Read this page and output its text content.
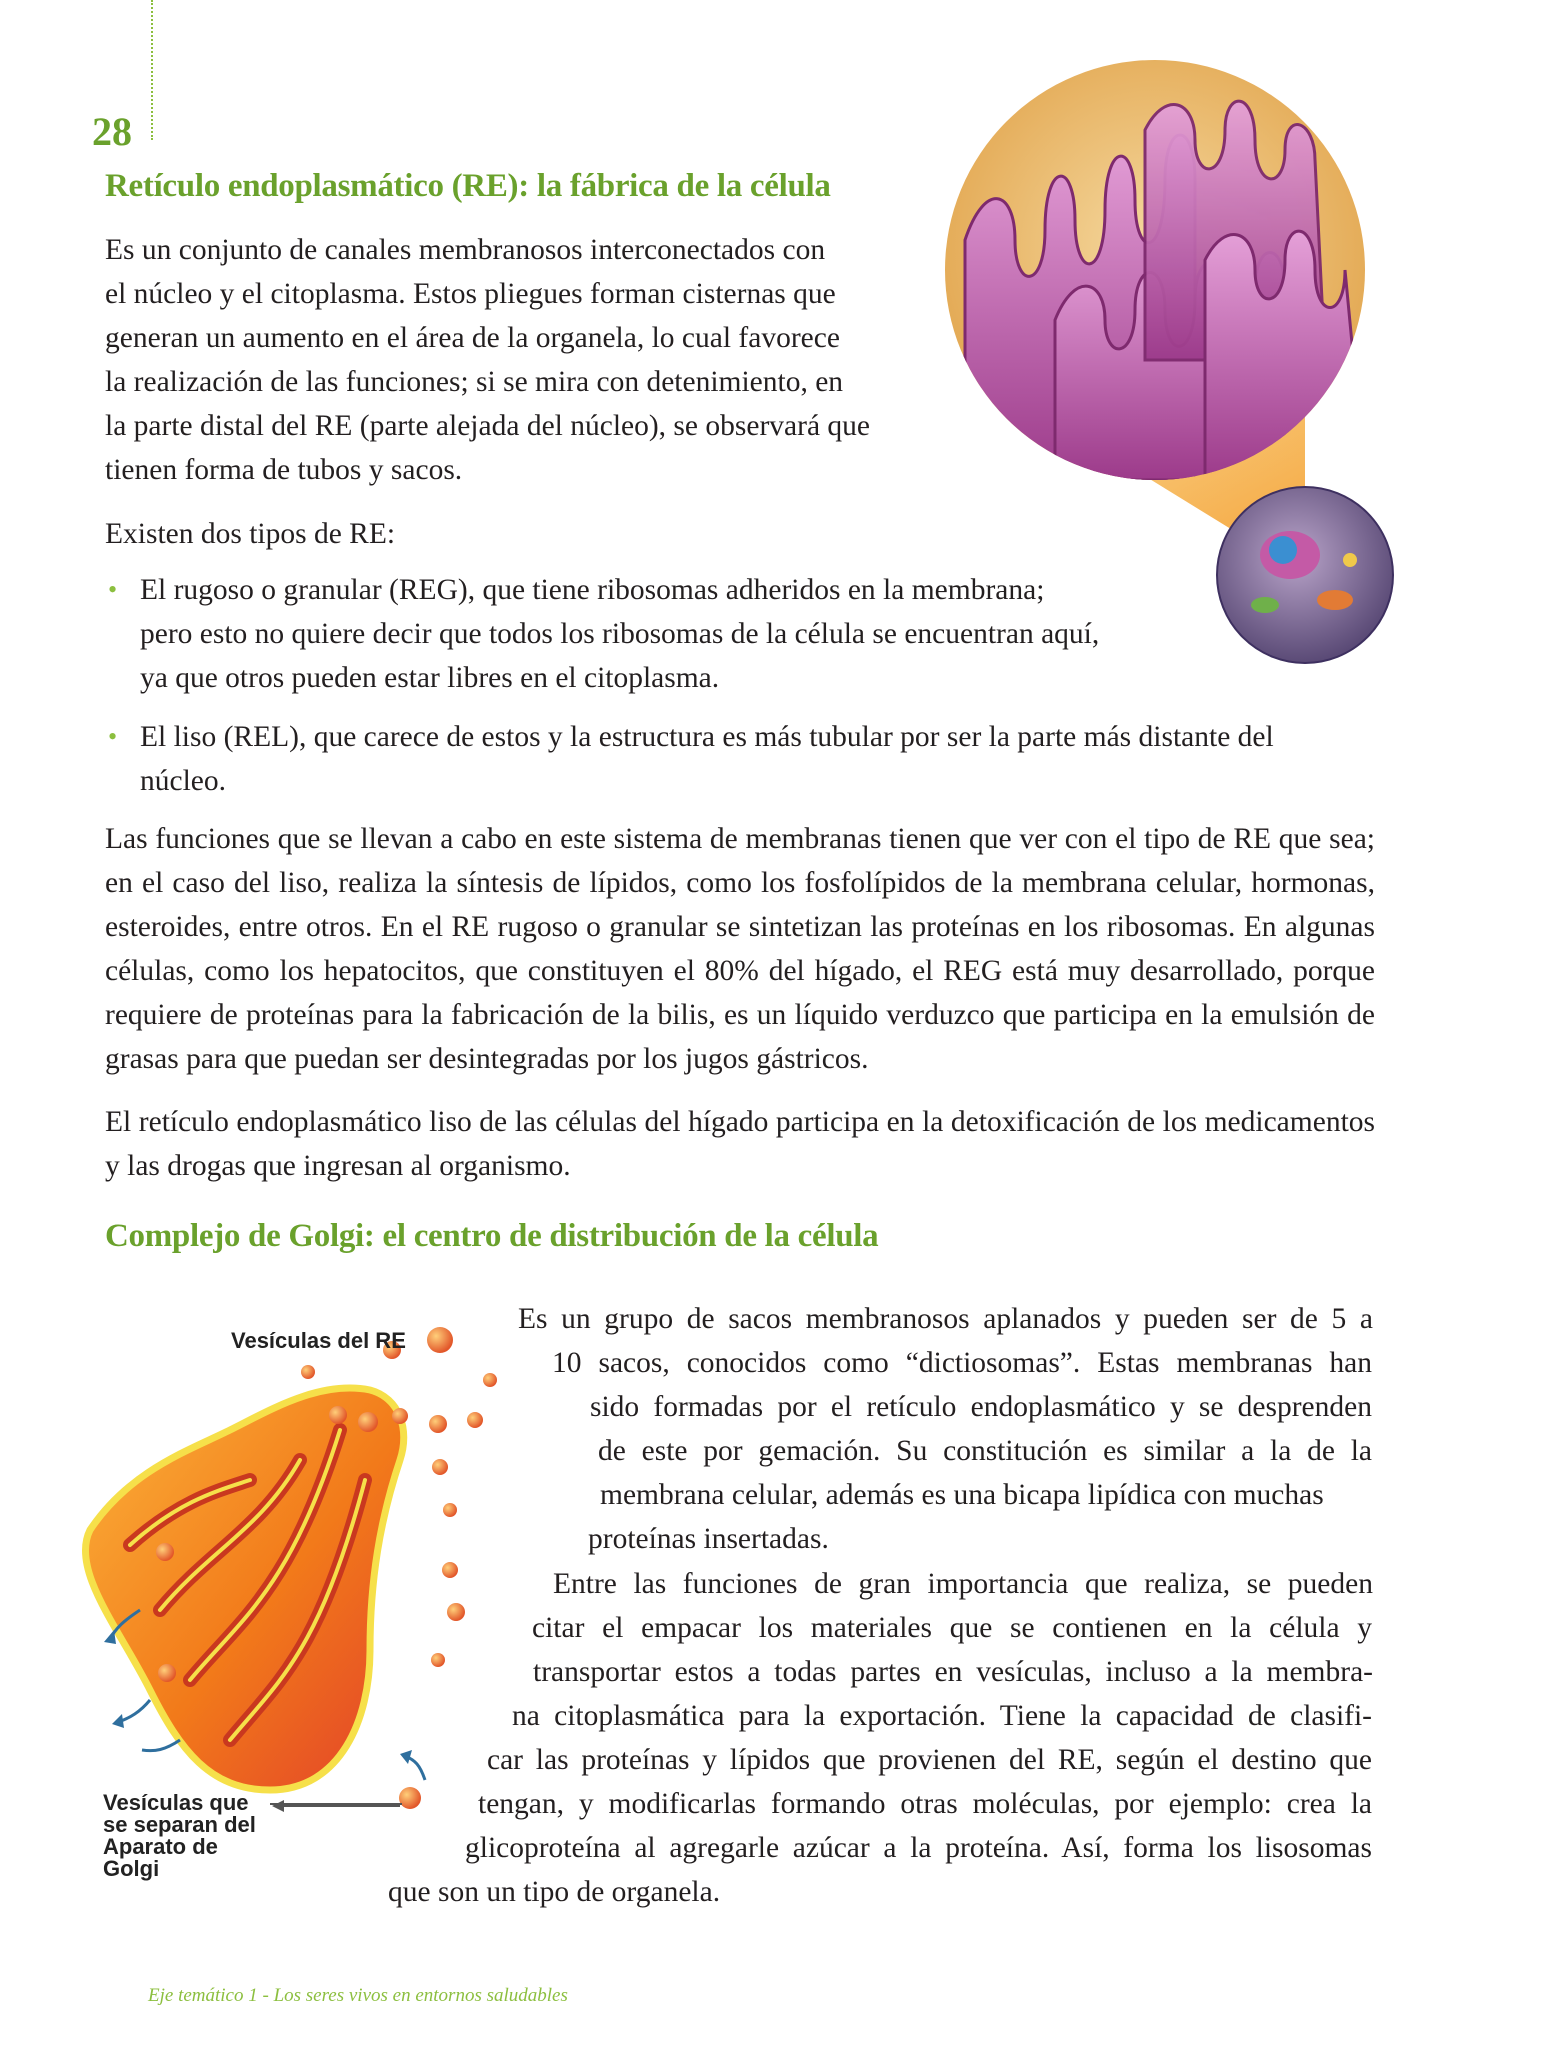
28
Retículo endoplasmático (RE): la fábrica de la célula
Es un conjunto de canales membranosos interconectados con
el núcleo y el citoplasma. Estos pliegues forman cisternas que
generan un aumento en el área de la organela, lo cual favorece
la realización de las funciones; si se mira con detenimiento, en
la parte distal del RE (parte alejada del núcleo), se observará que
tienen forma de tubos y sacos.
Existen dos tipos de RE:
• El rugoso o granular (REG), que tiene ribosomas adheridos en la membrana;
pero esto no quiere decir que todos los ribosomas de la célula se encuentran aquí,
ya que otros pueden estar libres en el citoplasma.
• El liso (REL), que carece de estos y la estructura es más tubular por ser la parte más distante del
núcleo.
Las funciones que se llevan a cabo en este sistema de membranas tienen que ver con el tipo de RE que sea; en el caso del liso, realiza la síntesis de lípidos, como los fosfolípidos de la membrana celular, hormonas, esteroides, entre otros. En el RE rugoso o granular se sintetizan las proteínas en los ribosomas. En algunas células, como los hepatocitos, que constituyen el 80% del hígado, el REG está muy desarrollado, porque requiere de proteínas para la fabricación de la bilis, es un líquido verduzco que participa en la emulsión de grasas para que puedan ser desintegradas por los jugos gástricos.
El retículo endoplasmático liso de las células del hígado participa en la detoxificación de los medicamentos y las drogas que ingresan al organismo.
Complejo de Golgi: el centro de distribución de la célula
Vesículas del RE
Vesículas que
se separan del
Aparato de
Golgi
Es un grupo de sacos membranosos aplanados y pueden ser de 5 a
10 sacos, conocidos como “dictiosomas”. Estas membranas han
sido formadas por el retículo endoplasmático y se desprenden
de este por gemación. Su constitución es similar a la de la
membrana celular, además es una bicapa lipídica con muchas
proteínas insertadas.
Entre las funciones de gran importancia que realiza, se pueden
citar el empacar los materiales que se contienen en la célula y
transportar estos a todas partes en vesículas, incluso a la membra-
na citoplasmática para la exportación. Tiene la capacidad de clasifi-
car las proteínas y lípidos que provienen del RE, según el destino que
tengan, y modificarlas formando otras moléculas, por ejemplo: crea la
glicoproteína al agregarle azúcar a la proteína. Así, forma los lisosomas
que son un tipo de organela.
Eje temático 1 - Los seres vivos en entornos saludables
